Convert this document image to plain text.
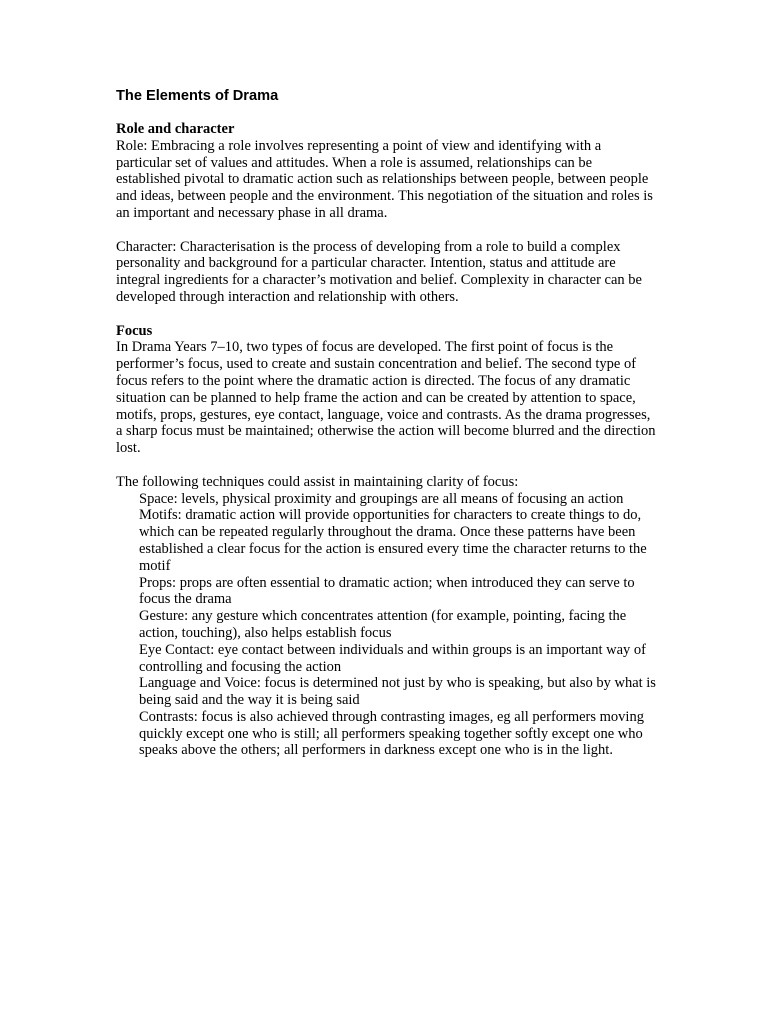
The Elements of Drama
Role and character

Role: Embracing a role involves representing a point of view and identifying with a particular set of values and attitudes. When a role is assumed, relationships can be established pivotal to dramatic action such as relationships between people, between people and ideas, between people and the environment. This negotiation of the situation and roles is an important and necessary phase in all drama.

Character: Characterisation is the process of developing from a role to build a complex personality and background for a particular character. Intention, status and attitude are integral ingredients for a character’s motivation and belief. Complexity in character can be developed through interaction and relationship with others.

Focus

In Drama Years 7–10, two types of focus are developed. The first point of focus is the performer’s focus, used to create and sustain concentration and belief. The second type of focus refers to the point where the dramatic action is directed. The focus of any dramatic situation can be planned to help frame the action and can be created by attention to space, motifs, props, gestures, eye contact, language, voice and contrasts. As the drama progresses, a sharp focus must be maintained; otherwise the action will become blurred and the direction lost.

The following techniques could assist in maintaining clarity of focus:

Space: levels, physical proximity and groupings are all means of focusing an action
Motifs: dramatic action will provide opportunities for characters to create things to do, which can be repeated regularly throughout the drama. Once these patterns have been established a clear focus for the action is ensured every time the character returns to the motif
Props: props are often essential to dramatic action; when introduced they can serve to focus the drama
Gesture: any gesture which concentrates attention (for example, pointing, facing the action, touching), also helps establish focus
Eye Contact: eye contact between individuals and within groups is an important way of controlling and focusing the action
Language and Voice: focus is determined not just by who is speaking, but also by what is being said and the way it is being said
Contrasts: focus is also achieved through contrasting images, eg all performers moving quickly except one who is still; all performers speaking together softly except one who speaks above the others; all performers in darkness except one who is in the light.
